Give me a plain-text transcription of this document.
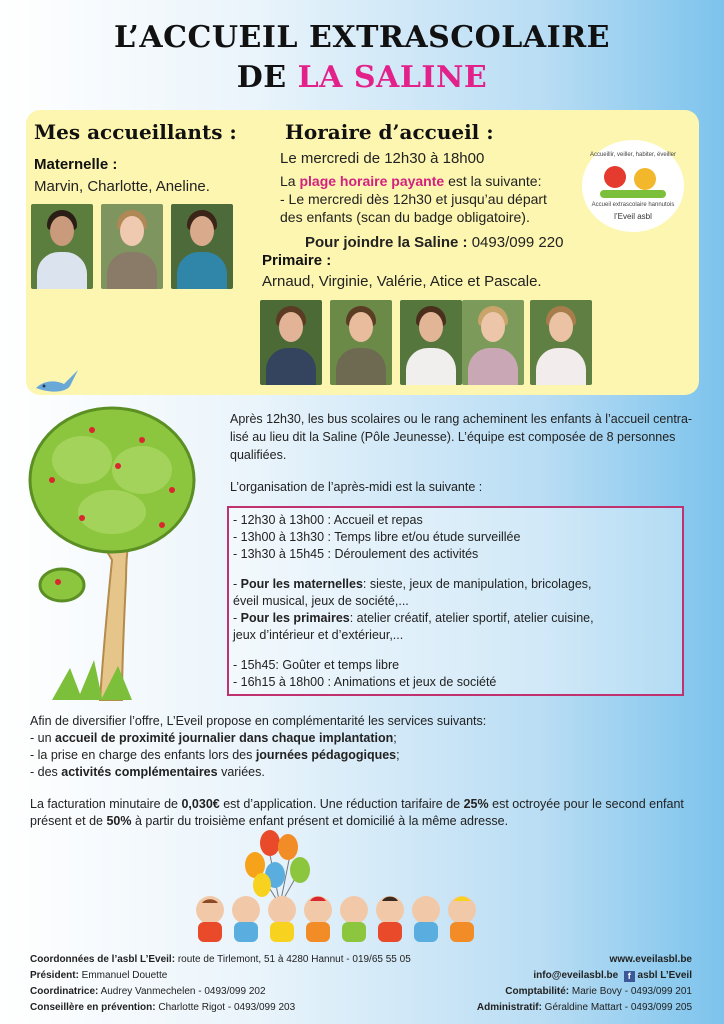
L’ACCUEIL EXTRASCOLAIRE
DE LA SALINE
Mes accueillants : Horaire d’accueil :
Maternelle :
Marvin, Charlotte, Aneline.
Le mercredi de 12h30 à 18h00
La plage horaire payante est la suivante:
- Le mercredi dès 12h30 et jusqu’au départ
des enfants (scan du badge obligatoire).
Pour joindre la Saline : 0493/099 220
Accueillir, veiller, habiter, éveiller
Accueil extrascolaire hannutois
l’Eveil asbl
Primaire :
Arnaud, Virginie, Valérie, Atice et Pascale.
Après 12h30, les bus scolaires ou le rang acheminent les enfants à l’accueil centra-
lisé au lieu dit la Saline (Pôle Jeunesse). L’équipe est composée de 8 personnes
qualifiées.
L’organisation de l’après-midi est la suivante :
- 12h30 à 13h00 : Accueil et repas
- 13h00 à 13h30 : Temps libre et/ou étude surveillée
- 13h30 à 15h45 : Déroulement des activités
- Pour les maternelles: sieste, jeux de manipulation, bricolages,
éveil musical, jeux de société,...
- Pour les primaires: atelier créatif, atelier sportif, atelier cuisine,
jeux d’intérieur et d’extérieur,...
- 15h45: Goûter et temps libre
- 16h15 à 18h00 : Animations et jeux de société
Afin de diversifier l’offre, L’Eveil propose en complémentarité les services suivants:
- un accueil de proximité journalier dans chaque implantation;
- la prise en charge des enfants lors des journées pédagogiques;
- des activités complémentaires variées.
La facturation minutaire de 0,030€ est d’application. Une réduction tarifaire de 25% est octroyée pour le second enfant
présent et de 50% à partir du troisième enfant présent et domicilié à la même adresse.
Coordonnées de l’asbl L’Eveil: route de Tirlemont, 51 à 4280 Hannut - 019/65 55 05
Président: Emmanuel Douette
Coordinatrice: Audrey Vanmechelen - 0493/099 202
Conseillère en prévention: Charlotte Rigot - 0493/099 203
www.eveilasbl.be
info@eveilasbl.be f asbl L’Eveil
Comptabilité: Marie Bovy - 0493/099 201
Administratif: Géraldine Mattart - 0493/099 205
